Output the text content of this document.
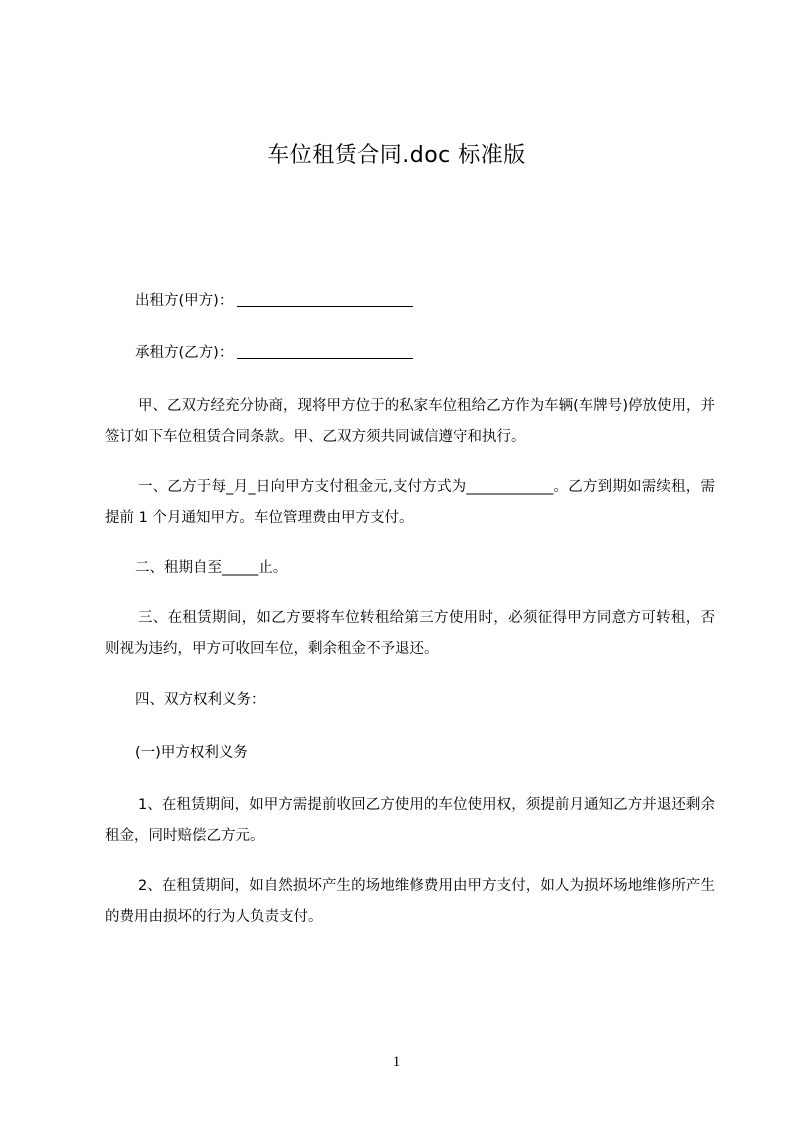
车位租赁合同.doc 标准版
出租方(甲方)：
承租方(乙方)：
甲、乙双方经充分协商，现将甲方位于的私家车位租给乙方作为车辆(车牌号)停放使用，并签订如下车位租赁合同条款。甲、乙双方须共同诚信遵守和执行。
一、乙方于每_月_日向甲方支付租金元,支付方式为____________。乙方到期如需续租，需提前 1 个月通知甲方。车位管理费由甲方支付。
二、租期自至_____止。
三、在租赁期间，如乙方要将车位转租给第三方使用时，必须征得甲方同意方可转租，否则视为违约，甲方可收回车位，剩余租金不予退还。
四、双方权利义务：
(一)甲方权利义务
1、在租赁期间，如甲方需提前收回乙方使用的车位使用权，须提前月通知乙方并退还剩余租金，同时赔偿乙方元。
2、在租赁期间，如自然损坏产生的场地维修费用由甲方支付，如人为损坏场地维修所产生的费用由损坏的行为人负责支付。
1
